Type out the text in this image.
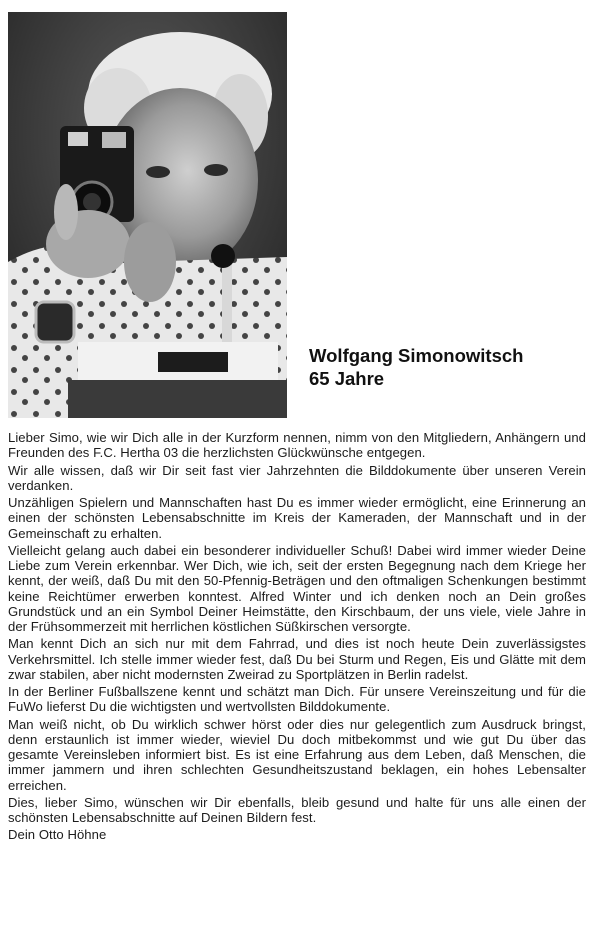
Wolfgang Simonowitsch
65 Jahre

Lieber Simo, wie wir Dich alle in der Kurzform nennen, nimm von den Mitgliedern, Anhängern und Freunden des F.C. Hertha 03 die herzlichsten Glückwünsche entgegen.

Wir alle wissen, daß wir Dir seit fast vier Jahrzehnten die Bilddokumente über unseren Verein verdanken.

Unzähligen Spielern und Mannschaften hast Du es immer wieder ermöglicht, eine Erinnerung an einen der schönsten Lebensabschnitte im Kreis der Kameraden, der Mannschaft und in der Gemeinschaft zu erhalten.

Vielleicht gelang auch dabei ein besonderer individueller Schuß! Dabei wird immer wieder Deine Liebe zum Verein erkennbar. Wer Dich, wie ich, seit der ersten Begegnung nach dem Kriege her kennt, der weiß, daß Du mit den 50-Pfennig-Beträgen und den oftmaligen Schenkungen bestimmt keine Reichtümer erwerben konntest. Alfred Winter und ich denken noch an Dein großes Grundstück und an ein Symbol Deiner Heimstätte, den Kirschbaum, der uns viele, viele Jahre in der Frühsommerzeit mit herrlichen köstlichen Süßkirschen versorgte.

Man kennt Dich an sich nur mit dem Fahrrad, und dies ist noch heute Dein zuverlässigstes Verkehrsmittel. Ich stelle immer wieder fest, daß Du bei Sturm und Regen, Eis und Glätte mit dem zwar stabilen, aber nicht modernsten Zweirad zu Sportplätzen in Berlin radelst.

In der Berliner Fußballszene kennt und schätzt man Dich. Für unsere Vereinszeitung und für die FuWo lieferst Du die wichtigsten und wertvollsten Bilddokumente.

Man weiß nicht, ob Du wirklich schwer hörst oder dies nur gelegentlich zum Ausdruck bringst, denn erstaunlich ist immer wieder, wieviel Du doch mitbekommst und wie gut Du über das gesamte Vereinsleben informiert bist. Es ist eine Erfahrung aus dem Leben, daß Menschen, die immer jammern und ihren schlechten Gesundheitszustand beklagen, ein hohes Lebensalter erreichen.

Dies, lieber Simo, wünschen wir Dir ebenfalls, bleib gesund und halte für uns alle einen der schönsten Lebensabschnitte auf Deinen Bildern fest.

Dein Otto Höhne
